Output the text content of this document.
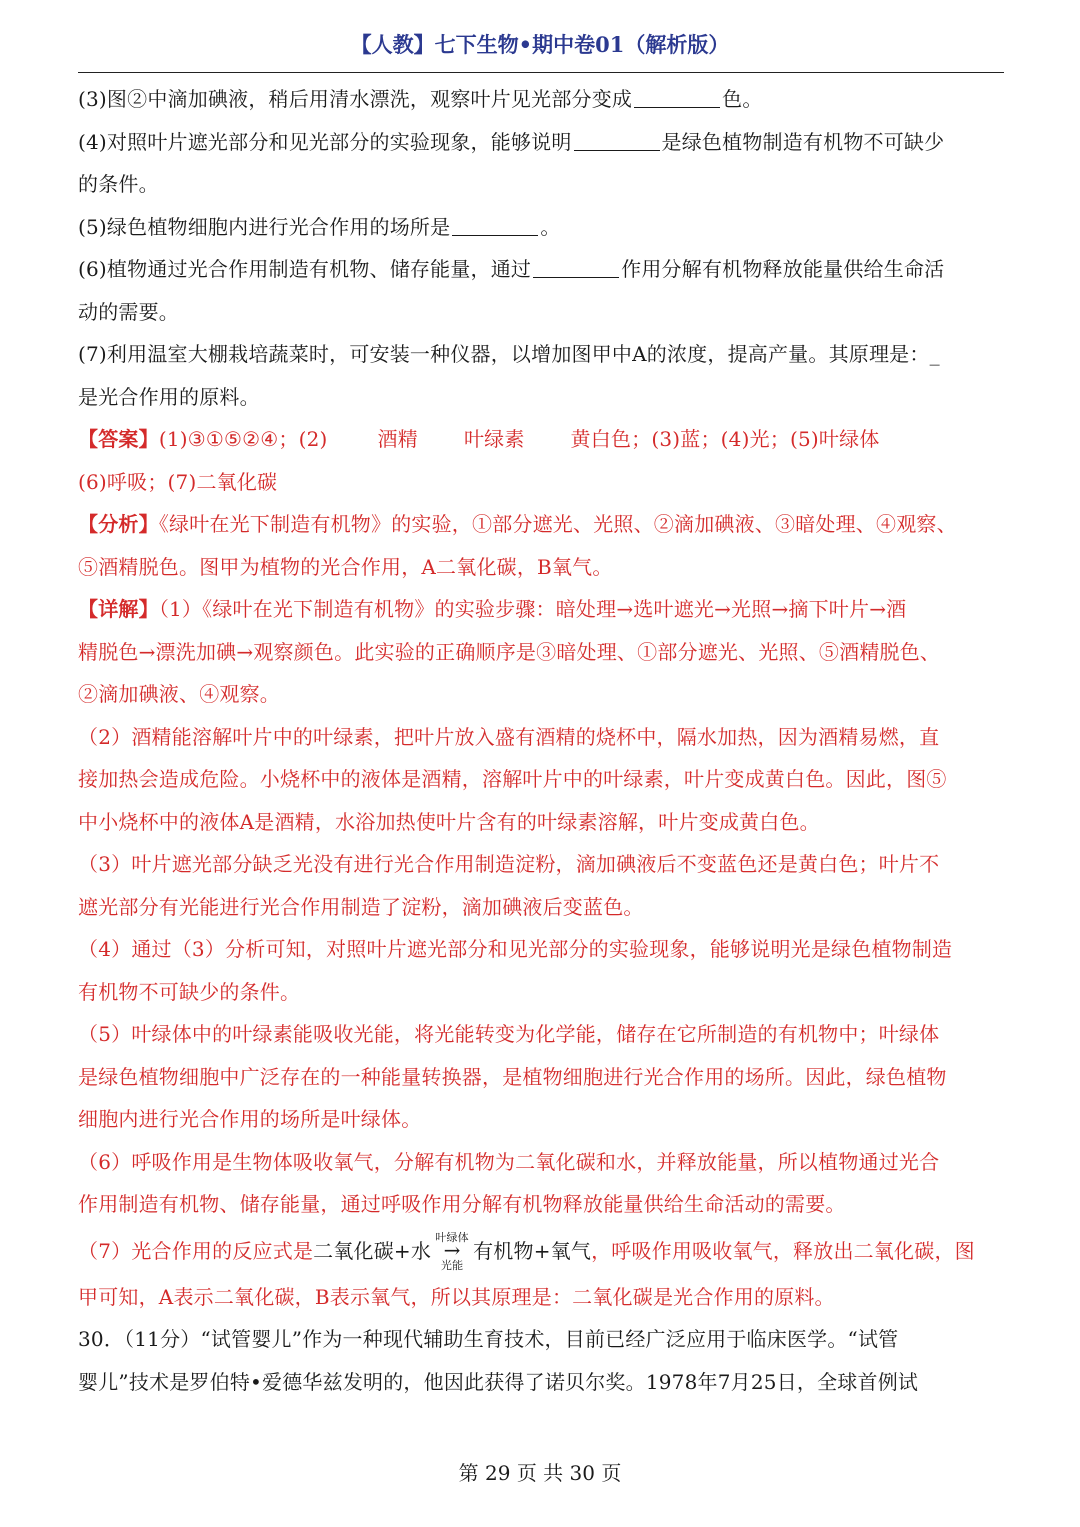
【人教】七下生物•期中卷01（解析版）
(3)图②中滴加碘液，稍后用清水漂洗，观察叶片见光部分变成	色。
(4)对照叶片遮光部分和见光部分的实验现象，能够说明	是绿色植物制造有机物不可缺少
的条件。
(5)绿色植物细胞内进行光合作用的场所是	。
(6)植物通过光合作用制造有机物、储存能量，通过	作用分解有机物释放能量供给生命活
动的需要。
(7)利用温室大棚栽培蔬菜时，可安装一种仪器，以增加图甲中A的浓度，提高产量。其原理是：_
是光合作用的原料。
【答案】(1)③①⑤②④；(2)	酒精 叶绿素 黄白色；(3)蓝；(4)光；(5)叶绿体
(6)呼吸；(7)二氧化碳
【分析】《绿叶在光下制造有机物》的实验，①部分遮光、光照、②滴加碘液、③暗处理、④观察、
⑤酒精脱色。图甲为植物的光合作用，A二氧化碳，B氧气。
【详解】（1）《绿叶在光下制造有机物》的实验步骤：暗处理→选叶遮光→光照→摘下叶片→酒
精脱色→漂洗加碘→观察颜色。此实验的正确顺序是③暗处理、①部分遮光、光照、⑤酒精脱色、
②滴加碘液、④观察。
（2）酒精能溶解叶片中的叶绿素，把叶片放入盛有酒精的烧杯中，隔水加热，因为酒精易燃，直
接加热会造成危险。小烧杯中的液体是酒精，溶解叶片中的叶绿素，叶片变成黄白色。因此，图⑤
中小烧杯中的液体A是酒精，水浴加热使叶片含有的叶绿素溶解，叶片变成黄白色。
（3）叶片遮光部分缺乏光没有进行光合作用制造淀粉，滴加碘液后不变蓝色还是黄白色；叶片不
遮光部分有光能进行光合作用制造了淀粉，滴加碘液后变蓝色。
（4）通过（3）分析可知，对照叶片遮光部分和见光部分的实验现象，能够说明光是绿色植物制造
有机物不可缺少的条件。
（5）叶绿体中的叶绿素能吸收光能，将光能转变为化学能，储存在它所制造的有机物中；叶绿体
是绿色植物细胞中广泛存在的一种能量转换器，是植物细胞进行光合作用的场所。因此，绿色植物
细胞内进行光合作用的场所是叶绿体。
（6）呼吸作用是生物体吸收氧气，分解有机物为二氧化碳和水，并释放能量，所以植物通过光合
作用制造有机物、储存能量，通过呼吸作用分解有机物释放能量供给生命活动的需要。
（7）光合作用的反应式是二氧化碳+水
叶绿体
→
光能
有机物+氧气，呼吸作用吸收氧气，释放出二氧化碳，图
甲可知，A表示二氧化碳，B表示氧气，所以其原理是：二氧化碳是光合作用的原料。
30．（11分）“试管婴儿”作为一种现代辅助生育技术，目前已经广泛应用于临床医学。“试管
婴儿”技术是罗伯特•爱德华兹发明的，他因此获得了诺贝尔奖。1978年7月25日，全球首例试
第 29 页 共 30 页
